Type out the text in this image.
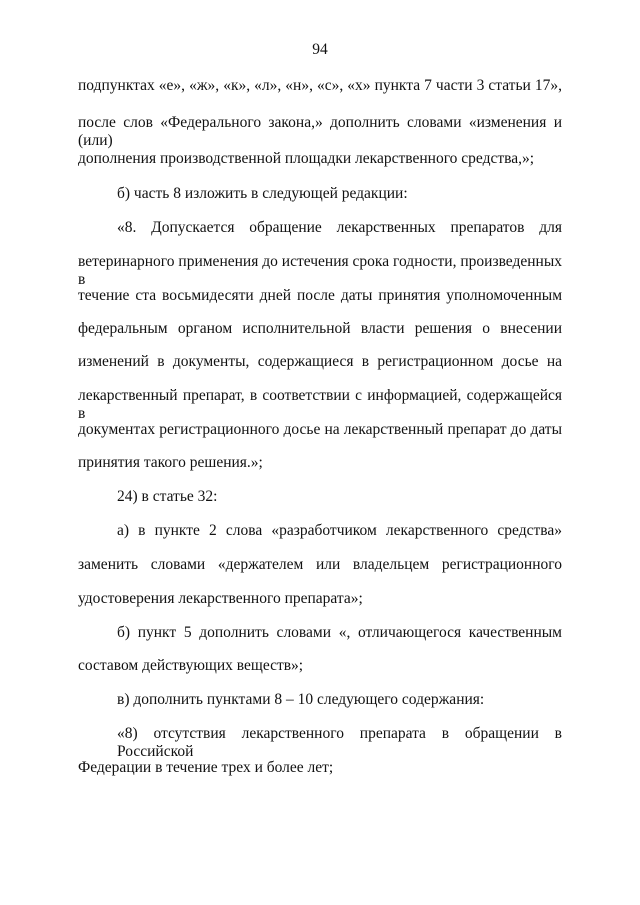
94
подпунктах «е», «ж», «к», «л», «н», «с», «х» пункта 7 части 3 статьи 17»,
после слов «Федерального закона,» дополнить словами «изменения и (или)
дополнения производственной площадки лекарственного средства,»;
б) часть 8 изложить в следующей редакции:
«8. Допускается обращение лекарственных препаратов для
ветеринарного применения до истечения срока годности, произведенных в
течение ста восьмидесяти дней после даты принятия уполномоченным
федеральным органом исполнительной власти решения о внесении
изменений в документы, содержащиеся в регистрационном досье на
лекарственный препарат, в соответствии с информацией, содержащейся в
документах регистрационного досье на лекарственный препарат до даты
принятия такого решения.»;
24) в статье 32:
а) в пункте 2 слова «разработчиком лекарственного средства»
заменить словами «держателем или владельцем регистрационного
удостоверения лекарственного препарата»;
б) пункт 5 дополнить словами «, отличающегося качественным
составом действующих веществ»;
в) дополнить пунктами 8 – 10 следующего содержания:
«8) отсутствия лекарственного препарата в обращении в Российской
Федерации в течение трех и более лет;
